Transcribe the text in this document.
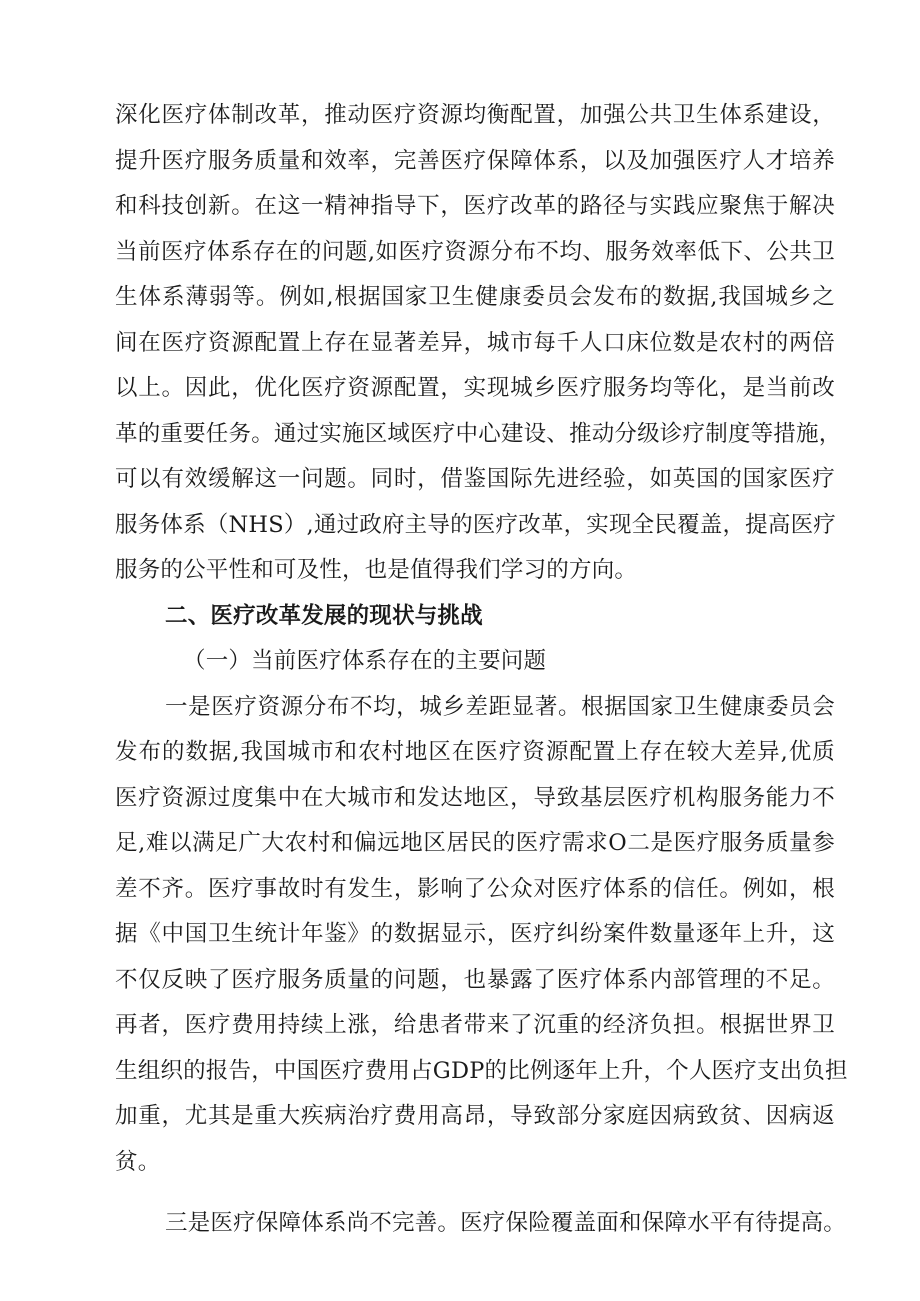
深化医疗体制改革，推动医疗资源均衡配置，加强公共卫生体系建设，
提升医疗服务质量和效率，完善医疗保障体系，以及加强医疗人才培养
和科技创新。在这一精神指导下，医疗改革的路径与实践应聚焦于解决
当前医疗体系存在的问题,如医疗资源分布不均、服务效率低下、公共卫
生体系薄弱等。例如,根据国家卫生健康委员会发布的数据,我国城乡之
间在医疗资源配置上存在显著差异，城市每千人口床位数是农村的两倍
以上。因此，优化医疗资源配置，实现城乡医疗服务均等化，是当前改
革的重要任务。通过实施区域医疗中心建设、推动分级诊疗制度等措施，
可以有效缓解这一问题。同时，借鉴国际先进经验，如英国的国家医疗
服务体系（NHS）,通过政府主导的医疗改革，实现全民覆盖，提高医疗
服务的公平性和可及性，也是值得我们学习的方向。
二、医疗改革发展的现状与挑战
（一）当前医疗体系存在的主要问题
一是医疗资源分布不均，城乡差距显著。根据国家卫生健康委员会
发布的数据,我国城市和农村地区在医疗资源配置上存在较大差异,优质
医疗资源过度集中在大城市和发达地区，导致基层医疗机构服务能力不
足,难以满足广大农村和偏远地区居民的医疗需求O二是医疗服务质量参
差不齐。医疗事故时有发生，影响了公众对医疗体系的信任。例如，根
据《中国卫生统计年鉴》的数据显示，医疗纠纷案件数量逐年上升，这
不仅反映了医疗服务质量的问题，也暴露了医疗体系内部管理的不足。
再者，医疗费用持续上涨，给患者带来了沉重的经济负担。根据世界卫
生组织的报告，中国医疗费用占GDP的比例逐年上升，个人医疗支出负担
加重，尤其是重大疾病治疗费用高昂，导致部分家庭因病致贫、因病返
贫。
三是医疗保障体系尚不完善。医疗保险覆盖面和保障水平有待提高。
